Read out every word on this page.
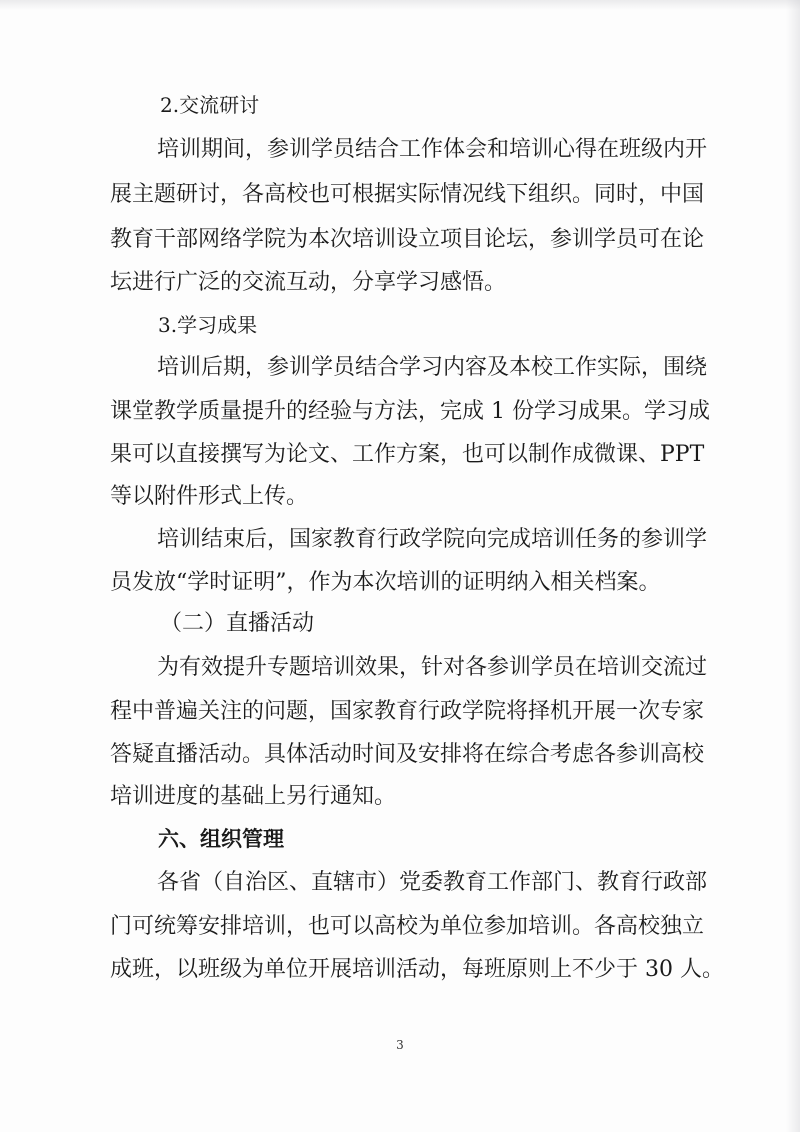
2.交流研讨
培训期间，参训学员结合工作体会和培训心得在班级内开
展主题研讨，各高校也可根据实际情况线下组织。同时，中国
教育干部网络学院为本次培训设立项目论坛，参训学员可在论
坛进行广泛的交流互动，分享学习感悟。
3.学习成果
培训后期，参训学员结合学习内容及本校工作实际，围绕
课堂教学质量提升的经验与方法，完成 1 份学习成果。学习成
果可以直接撰写为论文、工作方案，也可以制作成微课、PPT
等以附件形式上传。
培训结束后，国家教育行政学院向完成培训任务的参训学
员发放“学时证明”，作为本次培训的证明纳入相关档案。
（二）直播活动
为有效提升专题培训效果，针对各参训学员在培训交流过
程中普遍关注的问题，国家教育行政学院将择机开展一次专家
答疑直播活动。具体活动时间及安排将在综合考虑各参训高校
培训进度的基础上另行通知。
六、组织管理
各省（自治区、直辖市）党委教育工作部门、教育行政部
门可统筹安排培训，也可以高校为单位参加培训。各高校独立
成班，以班级为单位开展培训活动，每班原则上不少于 30 人。
3
